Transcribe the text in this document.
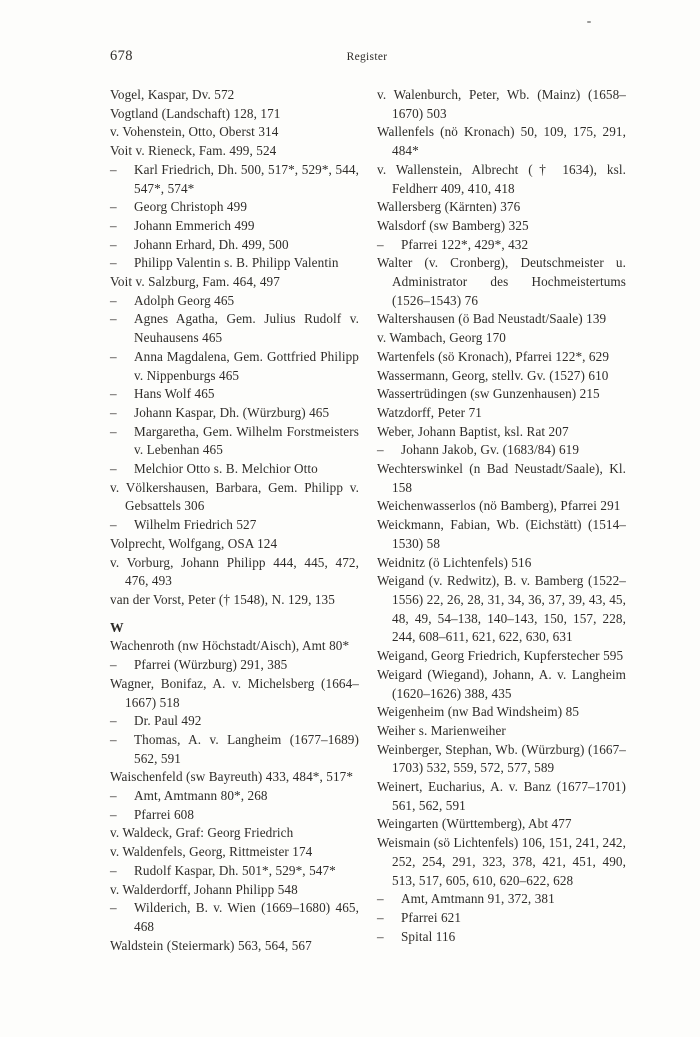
678	Register

Vogel, Kaspar, Dv. 572

Vogtland (Landschaft) 128, 171

v. Vohenstein, Otto, Oberst 314

Voit v. Rieneck, Fam. 499, 524

– Karl Friedrich, Dh. 500, 517*, 529*, 544, 547*, 574*

– Georg Christoph 499

– Johann Emmerich 499

– Johann Erhard, Dh. 499, 500

– Philipp Valentin s. B. Philipp Valentin

Voit v. Salzburg, Fam. 464, 497

– Adolph Georg 465

– Agnes Agatha, Gem. Julius Rudolf v. Neuhausens 465

– Anna Magdalena, Gem. Gottfried Philipp v. Nippenburgs 465

– Hans Wolf 465

– Johann Kaspar, Dh. (Würzburg) 465

– Margaretha, Gem. Wilhelm Forstmeisters v. Lebenhan 465

– Melchior Otto s. B. Melchior Otto

v. Völkershausen, Barbara, Gem. Philipp v. Gebsattels 306

– Wilhelm Friedrich 527

Volprecht, Wolfgang, OSA 124

v. Vorburg, Johann Philipp 444, 445, 472, 476, 493

van der Vorst, Peter († 1548), N. 129, 135

W

Wachenroth (nw Höchstadt/Aisch), Amt 80*

– Pfarrei (Würzburg) 291, 385

Wagner, Bonifaz, A. v. Michelsberg (1664–1667) 518

– Dr. Paul 492

– Thomas, A. v. Langheim (1677–1689) 562, 591

Waischenfeld (sw Bayreuth) 433, 484*, 517*

– Amt, Amtmann 80*, 268

– Pfarrei 608

v. Waldeck, Graf: Georg Friedrich

v. Waldenfels, Georg, Rittmeister 174

– Rudolf Kaspar, Dh. 501*, 529*, 547*

v. Walderdorff, Johann Philipp 548

– Wilderich, B. v. Wien (1669–1680) 465, 468

Waldstein (Steiermark) 563, 564, 567

v. Walenburch, Peter, Wb. (Mainz) (1658–1670) 503

Wallenfels (nö Kronach) 50, 109, 175, 291, 484*

v. Wallenstein, Albrecht († 1634), ksl. Feldherr 409, 410, 418

Wallersberg (Kärnten) 376

Walsdorf (sw Bamberg) 325

– Pfarrei 122*, 429*, 432

Walter (v. Cronberg), Deutschmeister u. Administrator des Hochmeistertums (1526–1543) 76

Waltershausen (ö Bad Neustadt/Saale) 139

v. Wambach, Georg 170

Wartenfels (sö Kronach), Pfarrei 122*, 629

Wassermann, Georg, stellv. Gv. (1527) 610

Wassertrüdingen (sw Gunzenhausen) 215

Watzdorff, Peter 71

Weber, Johann Baptist, ksl. Rat 207

– Johann Jakob, Gv. (1683/84) 619

Wechterswinkel (n Bad Neustadt/Saale), Kl. 158

Weichenwasserlos (nö Bamberg), Pfarrei 291

Weickmann, Fabian, Wb. (Eichstätt) (1514–1530) 58

Weidnitz (ö Lichtenfels) 516

Weigand (v. Redwitz), B. v. Bamberg (1522–1556) 22, 26, 28, 31, 34, 36, 37, 39, 43, 45, 48, 49, 54–138, 140–143, 150, 157, 228, 244, 608–611, 621, 622, 630, 631

Weigand, Georg Friedrich, Kupferstecher 595

Weigard (Wiegand), Johann, A. v. Langheim (1620–1626) 388, 435

Weigenheim (nw Bad Windsheim) 85

Weiher s. Marienweiher

Weinberger, Stephan, Wb. (Würzburg) (1667–1703) 532, 559, 572, 577, 589

Weinert, Eucharius, A. v. Banz (1677–1701) 561, 562, 591

Weingarten (Württemberg), Abt 477

Weismain (sö Lichtenfels) 106, 151, 241, 242, 252, 254, 291, 323, 378, 421, 451, 490, 513, 517, 605, 610, 620–622, 628

– Amt, Amtmann 91, 372, 381

– Pfarrei 621

– Spital 116
